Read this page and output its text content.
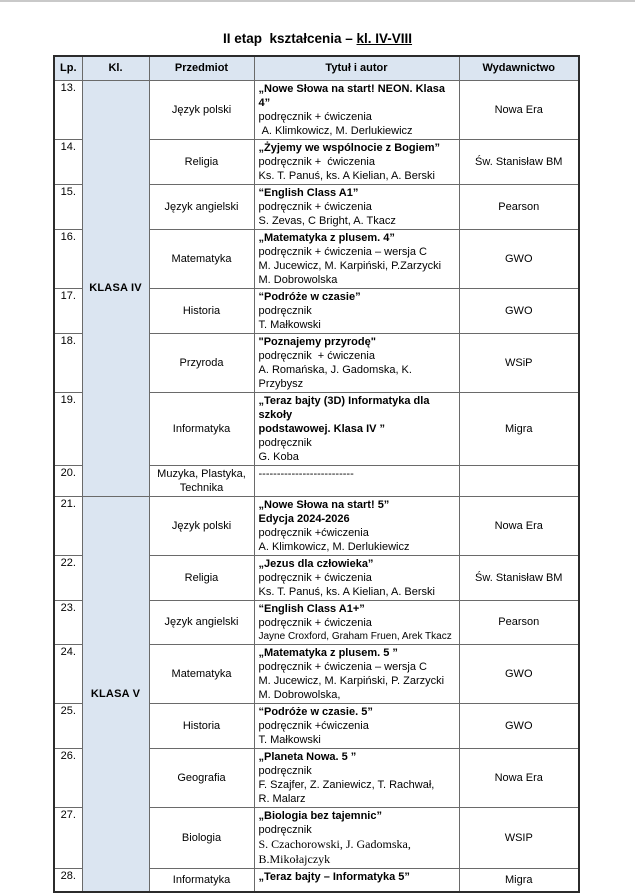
II etap  kształcenia – kl. IV-VIII
Lp.	Kl.	Przedmiot	Tytuł i autor	Wydawnictwo
13.	KLASA IV	Język polski	„Nowe Słowa na start! NEON. Klasa 4”
podręcznik + ćwiczenia
A. Klimkowicz, M. Derlukiewicz	Nowa Era
14.		Religia	„Żyjemy we wspólnocie z Bogiem”
podręcznik +  ćwiczenia
Ks. T. Panuś, ks. A Kielian, A. Berski	Św. Stanisław BM
15.		Język angielski	“English Class A1”
podręcznik + ćwiczenia
S. Zevas, C Bright, A. Tkacz	Pearson
16.		Matematyka	„Matematyka z plusem. 4”
podręcznik + ćwiczenia – wersja C
M. Jucewicz, M. Karpiński, P.Zarzycki
M. Dobrowolska	GWO
17.		Historia	“Podróże w czasie”
podręcznik
T. Małkowski	GWO
18.		Przyroda	"Poznajemy przyrodę"
podręcznik  + ćwiczenia
A. Romańska, J. Gadomska, K. Przybysz	WSiP
19.		Informatyka	„Teraz bajty (3D) Informatyka dla szkoły
podstawowej. Klasa IV ”
podręcznik
G. Koba	Migra
20.		Muzyka, Plastyka, Technika	--------------------------	

21.	KLASA V	Język polski	„Nowe Słowa na start! 5”
Edycja 2024-2026
podręcznik +ćwiczenia
A. Klimkowicz, M. Derlukiewicz	Nowa Era
22.		Religia	„Jezus dla człowieka”
podręcznik + ćwiczenia
Ks. T. Panuś, ks. A Kielian, A. Berski	Św. Stanisław BM
23.		Język angielski	“English Class A1+”
podręcznik + ćwiczenia
Jayne Croxford, Graham Fruen, Arek Tkacz	Pearson
24.		Matematyka	„Matematyka z plusem. 5 ”
podręcznik + ćwiczenia – wersja C
M. Jucewicz, M. Karpiński, P. Zarzycki
M. Dobrowolska,	GWO
25.		Historia	“Podróże w czasie. 5”
podręcznik +ćwiczenia
T. Małkowski	GWO
26.		Geografia	„Planeta Nowa. 5 ”
podręcznik
F. Szajfer, Z. Zaniewicz, T. Rachwał,
R. Malarz	Nowa Era
27.		Biologia	„Biologia bez tajemnic”
podręcznik
S. Czachorowski, J. Gadomska,
B.Mikołajczyk	WSIP
28.		Informatyka	„Teraz bajty – Informatyka 5”	Migra
